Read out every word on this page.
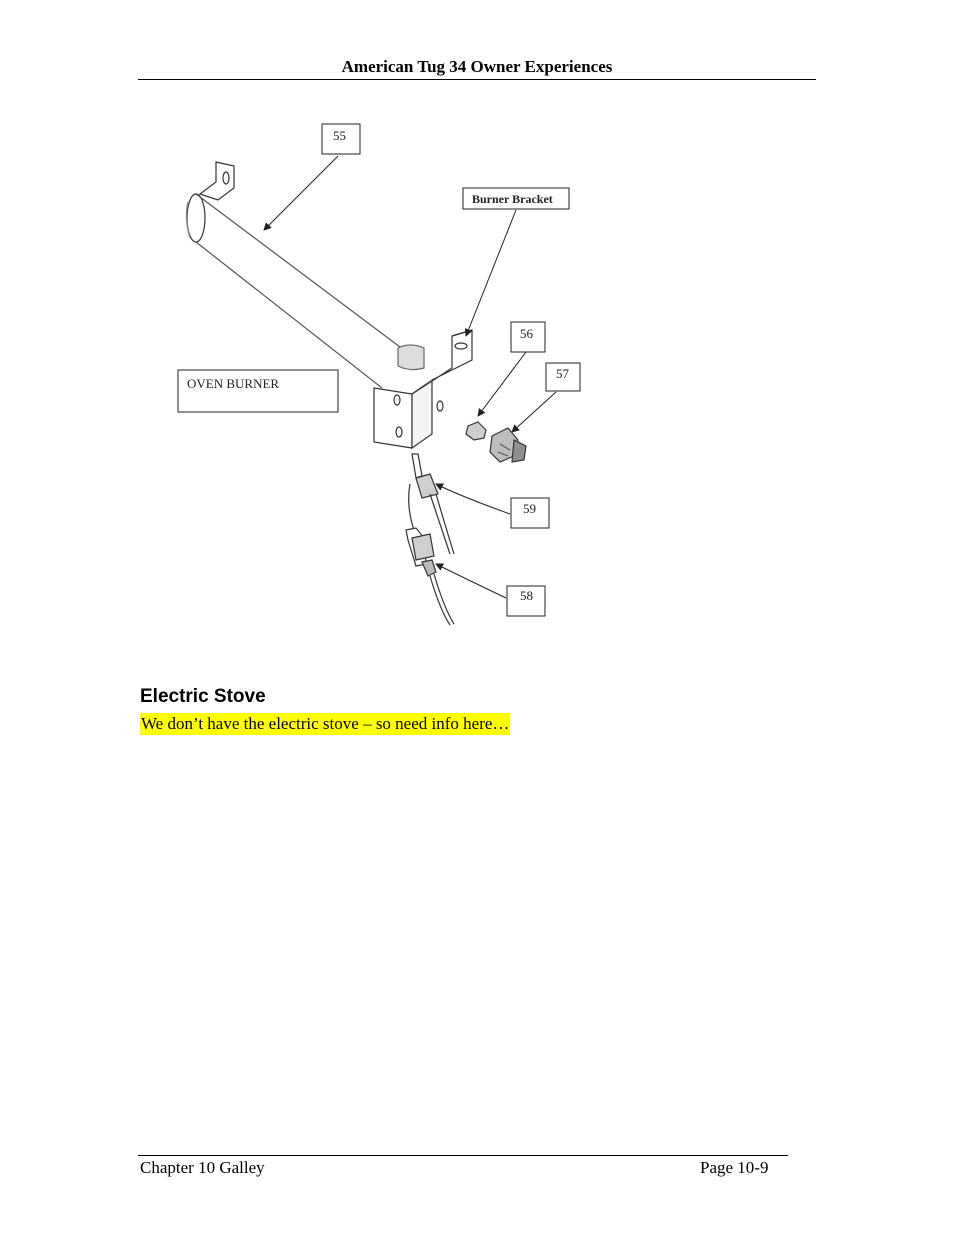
American Tug 34 Owner Experiences
55
Burner Bracket
56
57
OVEN BURNER
59
58
Electric Stove
We don’t have the electric stove – so need info here…
Chapter 10 Galley	Page 10-9
